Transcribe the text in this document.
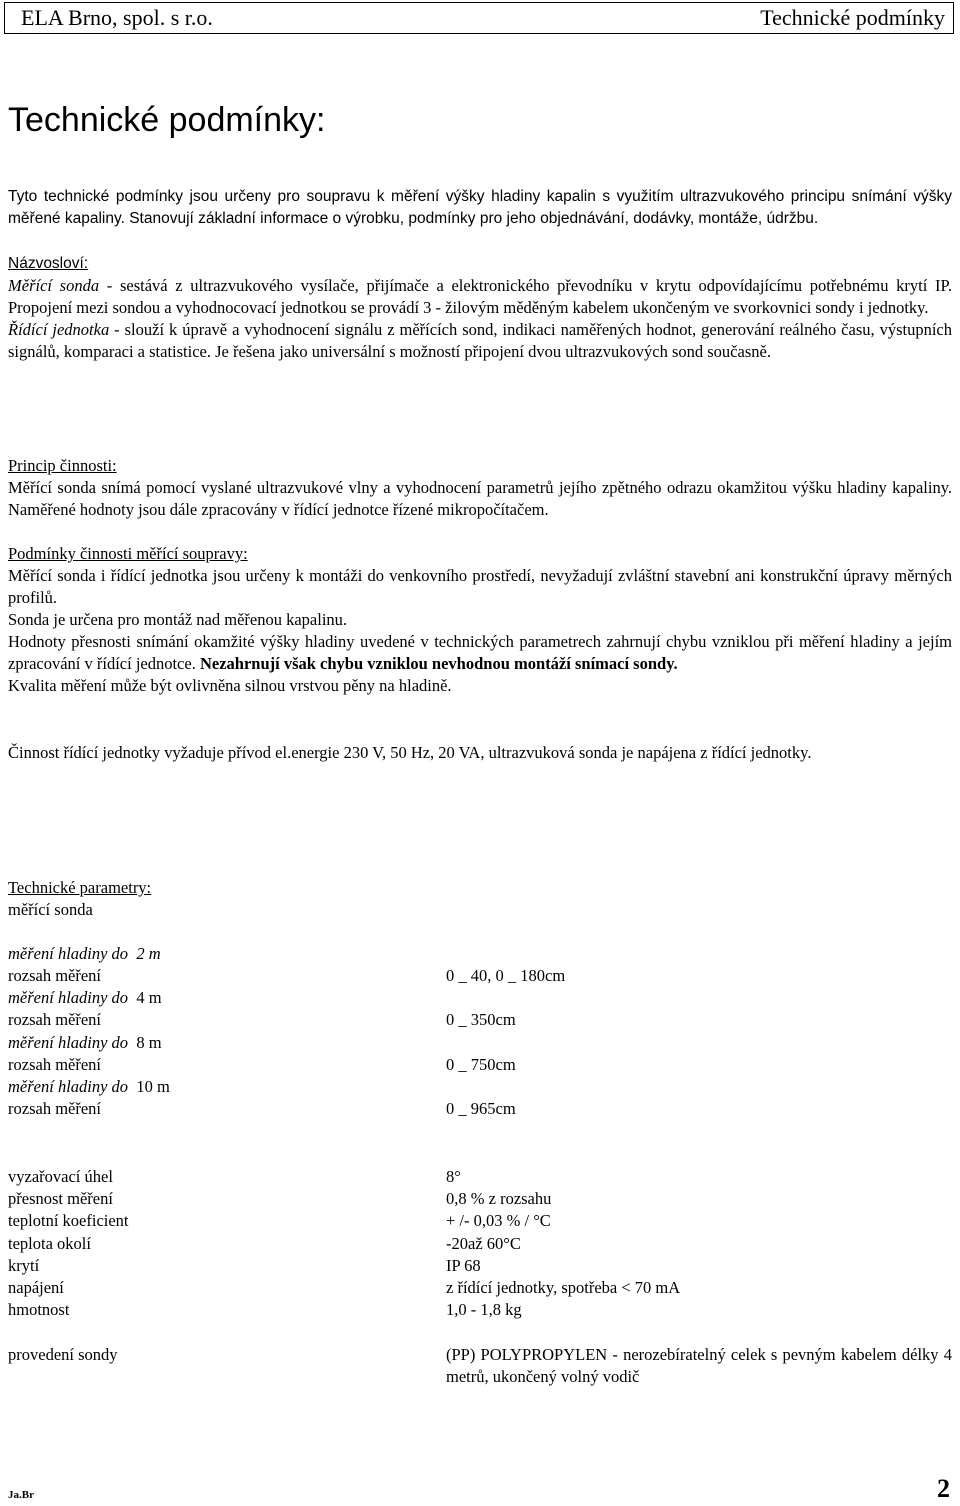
ELA Brno, spol. s r.o.	Technické podmínky
Technické podmínky:

Tyto technické podmínky jsou určeny pro soupravu k měření výšky hladiny kapalin s využitím ultrazvukového principu snímání výšky měřené kapaliny. Stanovují základní informace o výrobku, podmínky pro jeho objednávání, dodávky, montáže, údržbu.

Názvosloví:
Měřící sonda - sestává z ultrazvukového vysílače, přijímače a elektronického převodníku v krytu odpovídajícímu potřebnému krytí IP. Propojení mezi sondou a vyhodnocovací jednotkou se provádí 3 - žilovým měděným kabelem ukončeným ve svorkovnici sondy i jednotky.
Řídící jednotka - slouží k úpravě a vyhodnocení signálu z měřících sond, indikaci naměřených hodnot, generování reálného času, výstupních signálů, komparaci a statistice. Je řešena jako universální s možností připojení dvou ultrazvukových sond současně.

Princip činnosti:
Měřící sonda snímá pomocí vyslané ultrazvukové vlny a vyhodnocení parametrů jejího zpětného odrazu okamžitou výšku hladiny kapaliny. Naměřené hodnoty jsou dále zpracovány v řídící jednotce řízené mikropočítačem.

Podmínky činnosti měřící soupravy:
Měřící sonda i řídící jednotka jsou určeny k montáži do venkovního prostředí, nevyžadují zvláštní stavební ani konstrukční úpravy měrných profilů.
Sonda je určena pro montáž nad měřenou kapalinu.
Hodnoty přesnosti snímání okamžité výšky hladiny uvedené v technických parametrech zahrnují chybu vzniklou při měření hladiny a jejím zpracování v řídící jednotce. Nezahrnují však chybu vzniklou nevhodnou montáží snímací sondy.
Kvalita měření může být ovlivněna silnou vrstvou pěny na hladině.

Činnost řídící jednotky vyžaduje přívod el.energie 230 V, 50 Hz, 20 VA, ultrazvuková sonda je napájena z řídící jednotky.

Technické parametry:
měřící sonda
měření hladiny do 2 m
rozsah měření	0 _ 40, 0 _ 180cm
měření hladiny do 4 m
rozsah měření	0 _ 350cm
měření hladiny do 8 m
rozsah měření	0 _ 750cm
měření hladiny do 10 m
rozsah měření	0 _ 965cm
vyzařovací úhel	8°
přesnost měření	0,8 % z rozsahu
teplotní koeficient	+ /- 0,03 % / °C
teplota okolí	-20až 60°C
krytí	IP 68
napájení	z řídící jednotky, spotřeba < 70 mA
hmotnost	1,0 - 1,8 kg
provedení sondy	(PP) POLYPROPYLEN - nerozebíratelný celek s pevným kabelem délky 4 metrů, ukončený volný vodič
Ja.Br	2
